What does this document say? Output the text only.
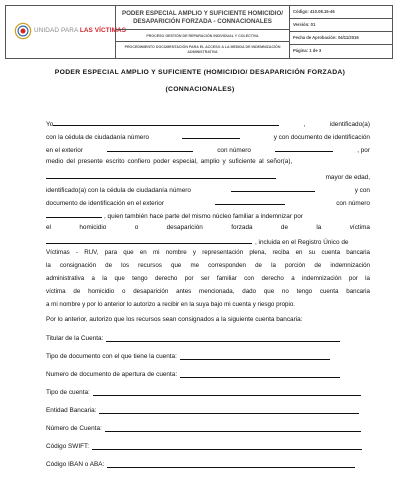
UNIDAD PARA LAS VÍCTIMAS
PODER ESPECIAL AMPLIO Y SUFICIENTE HOMICIDIO/ DESAPARICIÓN FORZADA - CONNACIONALES
PROCESO GESTIÓN DE REPARACIÓN INDIVIDUAL Y COLECTIVA
PROCEDIMIENTO DOCUMENTACIÓN PARA EL ACCESO A LA MEDIDA DE INDEMNIZACIÓN ADMINISTRATIVA
Código: 410.08.15-46
Versión: 01
Fecha de Aprobación: 04/11/2016
Página: 1 de 3
PODER ESPECIAL AMPLIO Y SUFICIENTE (HOMICIDIO/ DESAPARICIÓN FORZADA)
(CONNACIONALES)
Yo	,	identificado(a)
con la cédula de ciudadanía número	y con documento de identificación
en el exterior	con número	, por
medio del presente escrito confiero poder especial, amplio y suficiente al señor(a),
mayor de edad,
identificado(a) con la cédula de ciudadanía número	y con
documento de identificación en el exterior	con número
, quien también hace parte del mismo núcleo familiar a indemnizar por
el	homicidio	o	desaparición	forzada	de	la	víctima
, incluida en el Registro Único de
Víctimas - RUV, para que en mi nombre y representación plena, reciba en su cuenta bancaria
la consignación de los recursos que me corresponden de la porción de indemnización
administrativa a la que tengo derecho por ser familiar con derecho a indemnización por la
víctima de homicidio o desaparición antes mencionada, dado que no tengo cuenta bancaria
a mi nombre y por lo anterior lo autorizo a recibir en la suya bajo mi cuenta y riesgo propio.
Por lo anterior, autorizo que los recursos sean consignados a la siguiente cuenta bancaria:
Titular de la Cuenta:
Tipo de documento con el que tiene la cuenta:
Numero de documento de apertura de cuenta:
Tipo de cuenta:
Entidad Bancaria:
Número de Cuenta:
Código SWIFT:
Código IBAN o ABA:
